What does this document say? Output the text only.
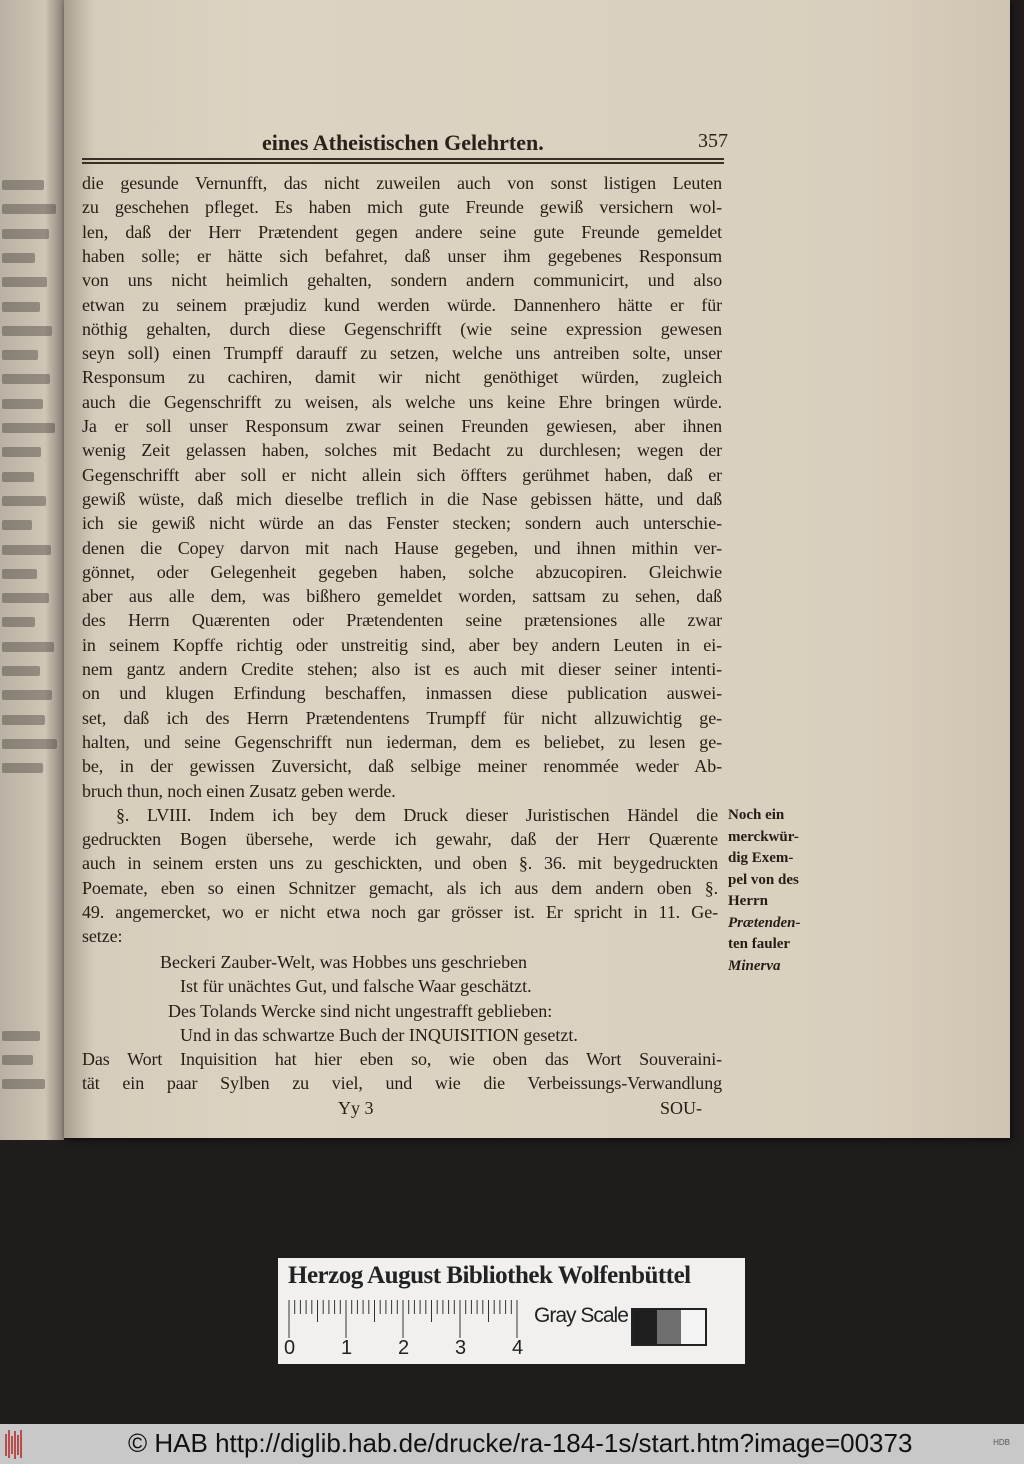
eines Atheistischen Gelehrten.	357
die gesunde Vernunfft, das nicht zuweilen auch von sonst listigen Leuten
zu geschehen pfleget. Es haben mich gute Freunde gewiß versichern wol-
len, daß der Herr Prætendent gegen andere seine gute Freunde gemeldet
haben solle; er hätte sich befahret, daß unser ihm gegebenes Responsum
von uns nicht heimlich gehalten, sondern andern communicirt, und also
etwan zu seinem præjudiz kund werden würde. Dannenhero hätte er für
nöthig gehalten, durch diese Gegenschrifft (wie seine expression gewesen
seyn soll) einen Trumpff darauff zu setzen, welche uns antreiben solte, unser
Responsum zu cachiren, damit wir nicht genöthiget würden, zugleich
auch die Gegenschrifft zu weisen, als welche uns keine Ehre bringen würde.
Ja er soll unser Responsum zwar seinen Freunden gewiesen, aber ihnen
wenig Zeit gelassen haben, solches mit Bedacht zu durchlesen; wegen der
Gegenschrifft aber soll er nicht allein sich öffters gerühmet haben, daß er
gewiß wüste, daß mich dieselbe treflich in die Nase gebissen hätte, und daß
ich sie gewiß nicht würde an das Fenster stecken; sondern auch unterschie-
denen die Copey darvon mit nach Hause gegeben, und ihnen mithin ver-
gönnet, oder Gelegenheit gegeben haben, solche abzucopiren. Gleichwie
aber aus alle dem, was bißhero gemeldet worden, sattsam zu sehen, daß
des Herrn Quærenten oder Prætendenten seine prætensiones alle zwar
in seinem Kopffe richtig oder unstreitig sind, aber bey andern Leuten in ei-
nem gantz andern Credite stehen; also ist es auch mit dieser seiner intenti-
on und klugen Erfindung beschaffen, inmassen diese publication auswei-
set, daß ich des Herrn Prætendentens Trumpff für nicht allzuwichtig ge-
halten, und seine Gegenschrifft nun iederman, dem es beliebet, zu lesen ge-
be, in der gewissen Zuversicht, daß selbige meiner renommée weder Ab-
bruch thun, noch einen Zusatz geben werde.
§. LVIII. Indem ich bey dem Druck dieser Juristischen Händel die
gedruckten Bogen übersehe, werde ich gewahr, daß der Herr Quærente
auch in seinem ersten uns zu geschickten, und oben §. 36. mit beygedruckten
Poemate, eben so einen Schnitzer gemacht, als ich aus dem andern oben §.
49. angemercket, wo er nicht etwa noch gar grösser ist. Er spricht in 11. Ge-
setze:
Beckeri Zauber-Welt, was Hobbes uns geschrieben
Ist für unächtes Gut, und falsche Waar geschätzt.
Des Tolands Wercke sind nicht ungestrafft geblieben:
Und in das schwartze Buch der INQUISITION gesetzt.
Das Wort Inquisition hat hier eben so, wie oben das Wort Souveraini-
tät ein paar Sylben zu viel, und wie die Verbeissungs-Verwandlung
Yy 3	SOU-
Noch ein
merckwür-
dig Exem-
pel von des
Herrn
Prætenden-
ten fauler
Minerva
Herzog August Bibliothek Wolfenbüttel
0 1 2 3 4
Gray Scale
© HAB http://diglib.hab.de/drucke/ra-184-1s/start.htm?image=00373	HDB
